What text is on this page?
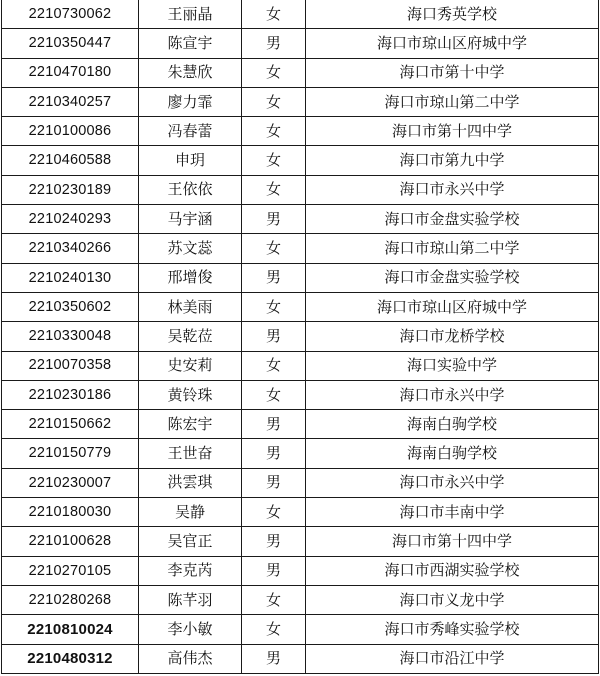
2210730062	王丽晶	女	海口秀英学校
2210350447	陈宣宇	男	海口市琼山区府城中学
2210470180	朱慧欣	女	海口市第十中学
2210340257	廖力霏	女	海口市琼山第二中学
2210100086	冯春蕾	女	海口市第十四中学
2210460588	申玥	女	海口市第九中学
2210230189	王依依	女	海口市永兴中学
2210240293	马宇涵	男	海口市金盘实验学校
2210340266	苏文蕊	女	海口市琼山第二中学
2210240130	邢增俊	男	海口市金盘实验学校
2210350602	林美雨	女	海口市琼山区府城中学
2210330048	吴乾莅	男	海口市龙桥学校
2210070358	史安莉	女	海口实验中学
2210230186	黄铃珠	女	海口市永兴中学
2210150662	陈宏宇	男	海南白驹学校
2210150779	王世奋	男	海南白驹学校
2210230007	洪雲琪	男	海口市永兴中学
2210180030	吴静	女	海口市丰南中学
2210100628	吴官正	男	海口市第十四中学
2210270105	李克芮	男	海口市西湖实验学校
2210280268	陈芊羽	女	海口市义龙中学
2210810024	李小敏	女	海口市秀峰实验学校
2210480312	高伟杰	男	海口市沿江中学
